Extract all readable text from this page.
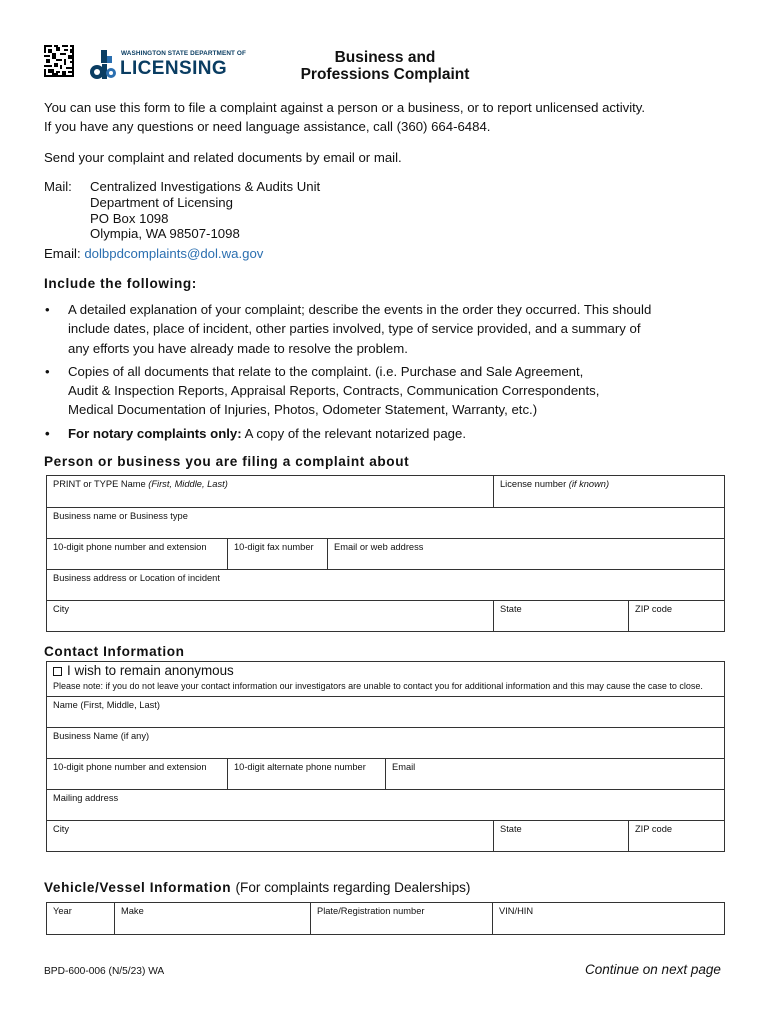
WASHINGTON STATE DEPARTMENT OF
LICENSING
Business and
Professions Complaint
You can use this form to file a complaint against a person or a business, or to report unlicensed activity.
If you have any questions or need language assistance, call (360) 664-6484.
Send your complaint and related documents by email or mail.
Mail: Centralized Investigations & Audits Unit
Department of Licensing
PO Box 1098
Olympia, WA 98507-1098
Email: dolbpdcomplaints@dol.wa.gov
Include the following:
• A detailed explanation of your complaint; describe the events in the order they occurred. This should
include dates, place of incident, other parties involved, type of service provided, and a summary of
any efforts you have already made to resolve the problem.
• Copies of all documents that relate to the complaint. (i.e. Purchase and Sale Agreement,
Audit & Inspection Reports, Appraisal Reports, Contracts, Communication Correspondents,
Medical Documentation of Injuries, Photos, Odometer Statement, Warranty, etc.)
• For notary complaints only: A copy of the relevant notarized page.
Person or business you are filing a complaint about
PRINT or TYPE Name (First, Middle, Last)			License number (if known)	
Business name or Business type				
10-digit phone number and extension	10-digit fax number	Email or web address		
Business address or Location of incident				
City			State	ZIP code
Contact Information
I wish to remain anonymous
Please note: if you do not leave your contact information our investigators are unable to contact you for additional information and this may cause the case to close.				

Name (First, Middle, Last)				
Business Name (if any)				
10-digit phone number and extension	10-digit alternate phone number	Email		
Mailing address				
City			State	ZIP code
Vehicle/Vessel Information (For complaints regarding Dealerships)
Year	Make	Plate/Registration number	VIN/HIN
BPD-600-006 (N/5/23) WA	Continue on next page
